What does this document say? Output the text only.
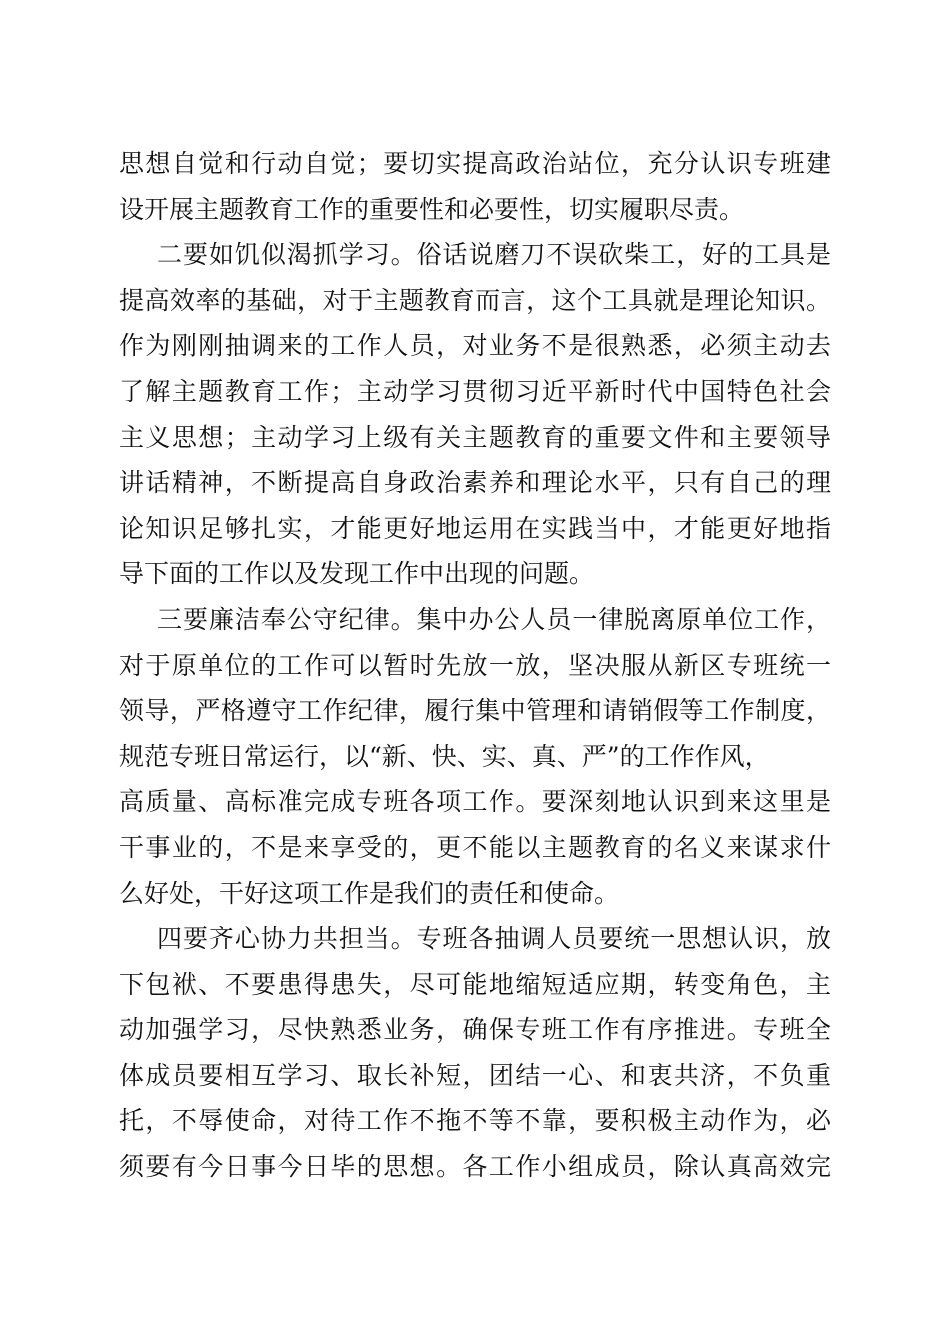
思想自觉和行动自觉；要切实提高政治站位，充分认识专班建
设开展主题教育工作的重要性和必要性，切实履职尽责。
二要如饥似渴抓学习。俗话说磨刀不误砍柴工，好的工具是
提高效率的基础，对于主题教育而言，这个工具就是理论知识。
作为刚刚抽调来的工作人员，对业务不是很熟悉，必须主动去
了解主题教育工作；主动学习贯彻习近平新时代中国特色社会
主义思想；主动学习上级有关主题教育的重要文件和主要领导
讲话精神，不断提高自身政治素养和理论水平，只有自己的理
论知识足够扎实，才能更好地运用在实践当中，才能更好地指
导下面的工作以及发现工作中出现的问题。
三要廉洁奉公守纪律。集中办公人员一律脱离原单位工作，
对于原单位的工作可以暂时先放一放，坚决服从新区专班统一
领导，严格遵守工作纪律，履行集中管理和请销假等工作制度，
规范专班日常运行，以“新、快、实、真、严”的工作作风，
高质量、高标准完成专班各项工作。要深刻地认识到来这里是
干事业的，不是来享受的，更不能以主题教育的名义来谋求什
么好处，干好这项工作是我们的责任和使命。
四要齐心协力共担当。专班各抽调人员要统一思想认识，放
下包袱、不要患得患失，尽可能地缩短适应期，转变角色，主
动加强学习，尽快熟悉业务，确保专班工作有序推进。专班全
体成员要相互学习、取长补短，团结一心、和衷共济，不负重
托，不辱使命，对待工作不拖不等不靠，要积极主动作为，必
须要有今日事今日毕的思想。各工作小组成员，除认真高效完
